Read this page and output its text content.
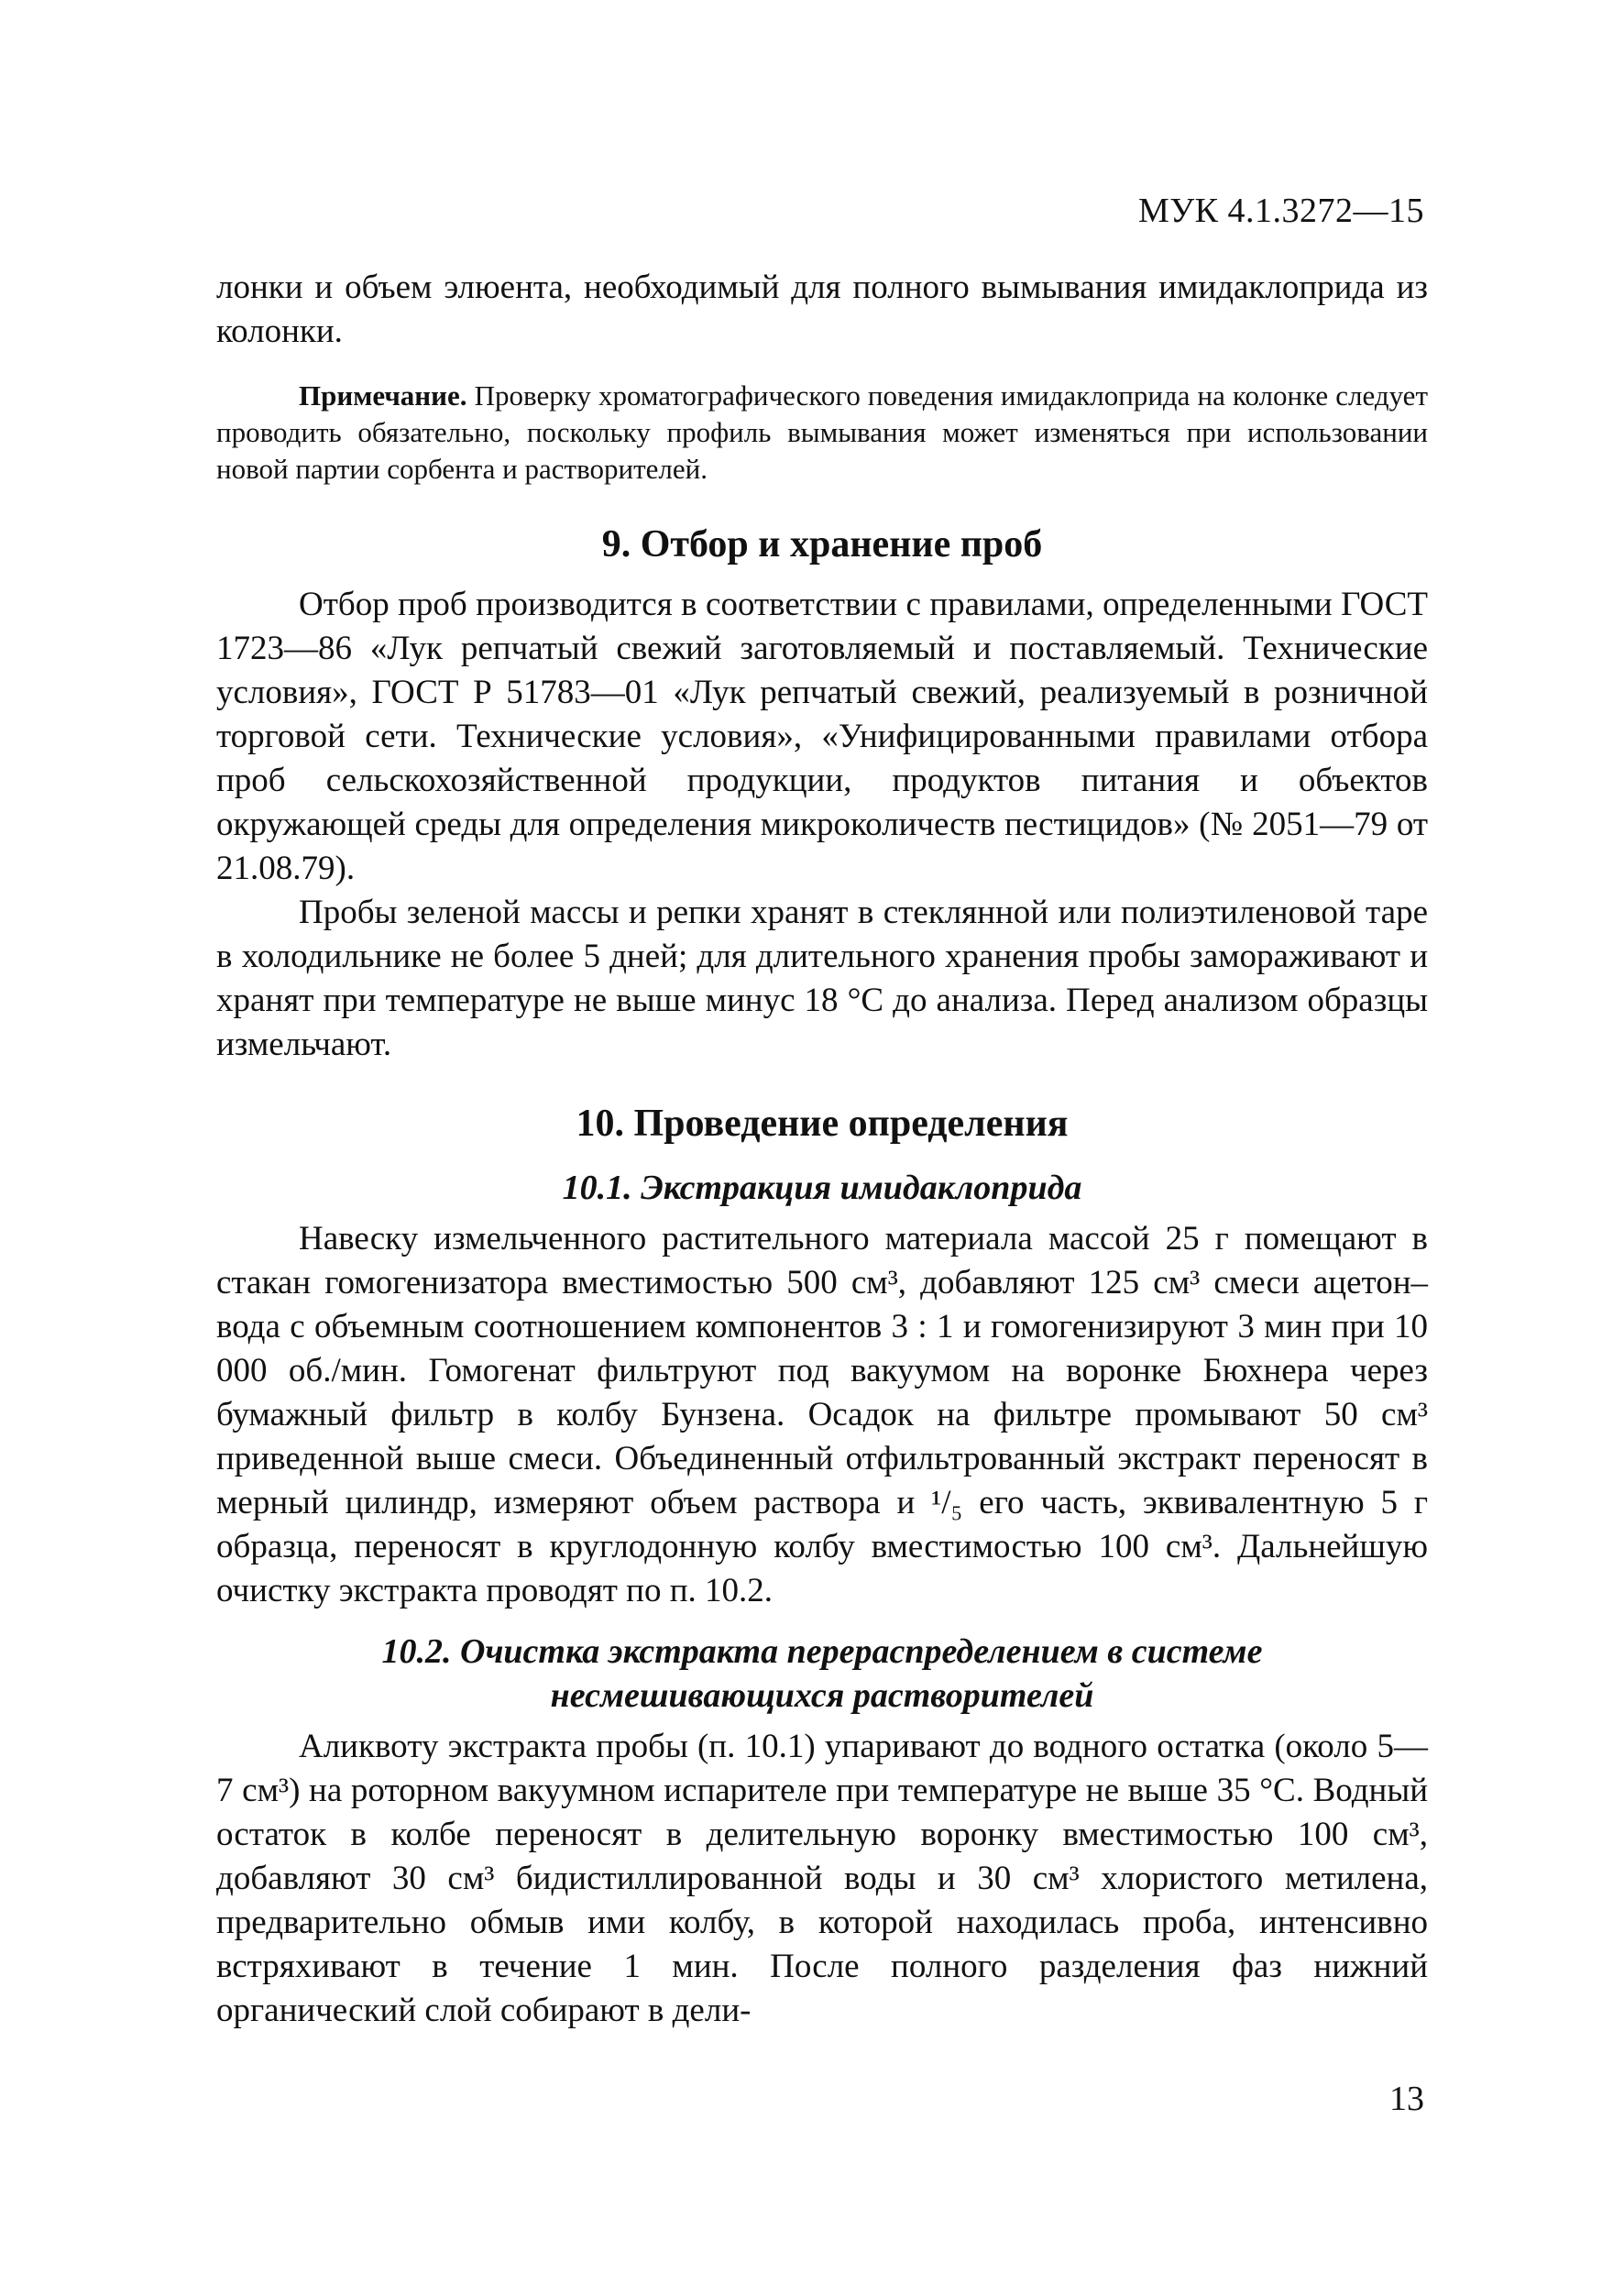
МУК 4.1.3272—15

лонки и объем элюента, необходимый для полного вымывания имидаклоприда из колонки.

Примечание. Проверку хроматографического поведения имидаклоприда на колонке следует проводить обязательно, поскольку профиль вымывания может изменяться при использовании новой партии сорбента и растворителей.
9. Отбор и хранение проб

Отбор проб производится в соответствии с правилами, определенными ГОСТ 1723—86 «Лук репчатый свежий заготовляемый и поставляемый. Технические условия», ГОСТ Р 51783—01 «Лук репчатый свежий, реализуемый в розничной торговой сети. Технические условия», «Унифицированными правилами отбора проб сельскохозяйственной продукции, продуктов питания и объектов окружающей среды для определения микроколичеств пестицидов» (№ 2051—79 от 21.08.79).

Пробы зеленой массы и репки хранят в стеклянной или полиэтиленовой таре в холодильнике не более 5 дней; для длительного хранения пробы замораживают и хранят при температуре не выше минус 18 °С до анализа. Перед анализом образцы измельчают.

10. Проведение определения
10.1. Экстракция имидаклоприда

Навеску измельченного растительного материала массой 25 г помещают в стакан гомогенизатора вместимостью 500 см³, добавляют 125 см³ смеси ацетон–вода с объемным соотношением компонентов 3 : 1 и гомогенизируют 3 мин при 10 000 об./мин. Гомогенат фильтруют под вакуумом на воронке Бюхнера через бумажный фильтр в колбу Бунзена. Осадок на фильтре промывают 50 см³ приведенной выше смеси. Объединенный отфильтрованный экстракт переносят в мерный цилиндр, измеряют объем раствора и ¹/₅ его часть, эквивалентную 5 г образца, переносят в круглодонную колбу вместимостью 100 см³. Дальнейшую очистку экстракта проводят по п. 10.2.

10.2. Очистка экстракта перераспределением в системе
несмешивающихся растворителей

Аликвоту экстракта пробы (п. 10.1) упаривают до водного остатка (около 5—7 см³) на роторном вакуумном испарителе при температуре не выше 35 °С. Водный остаток в колбе переносят в делительную воронку вместимостью 100 см³, добавляют 30 см³ бидистиллированной воды и 30 см³ хлористого метилена, предварительно обмыв ими колбу, в которой находилась проба, интенсивно встряхивают в течение 1 мин. После полного разделения фаз нижний органический слой собирают в дели-

13
